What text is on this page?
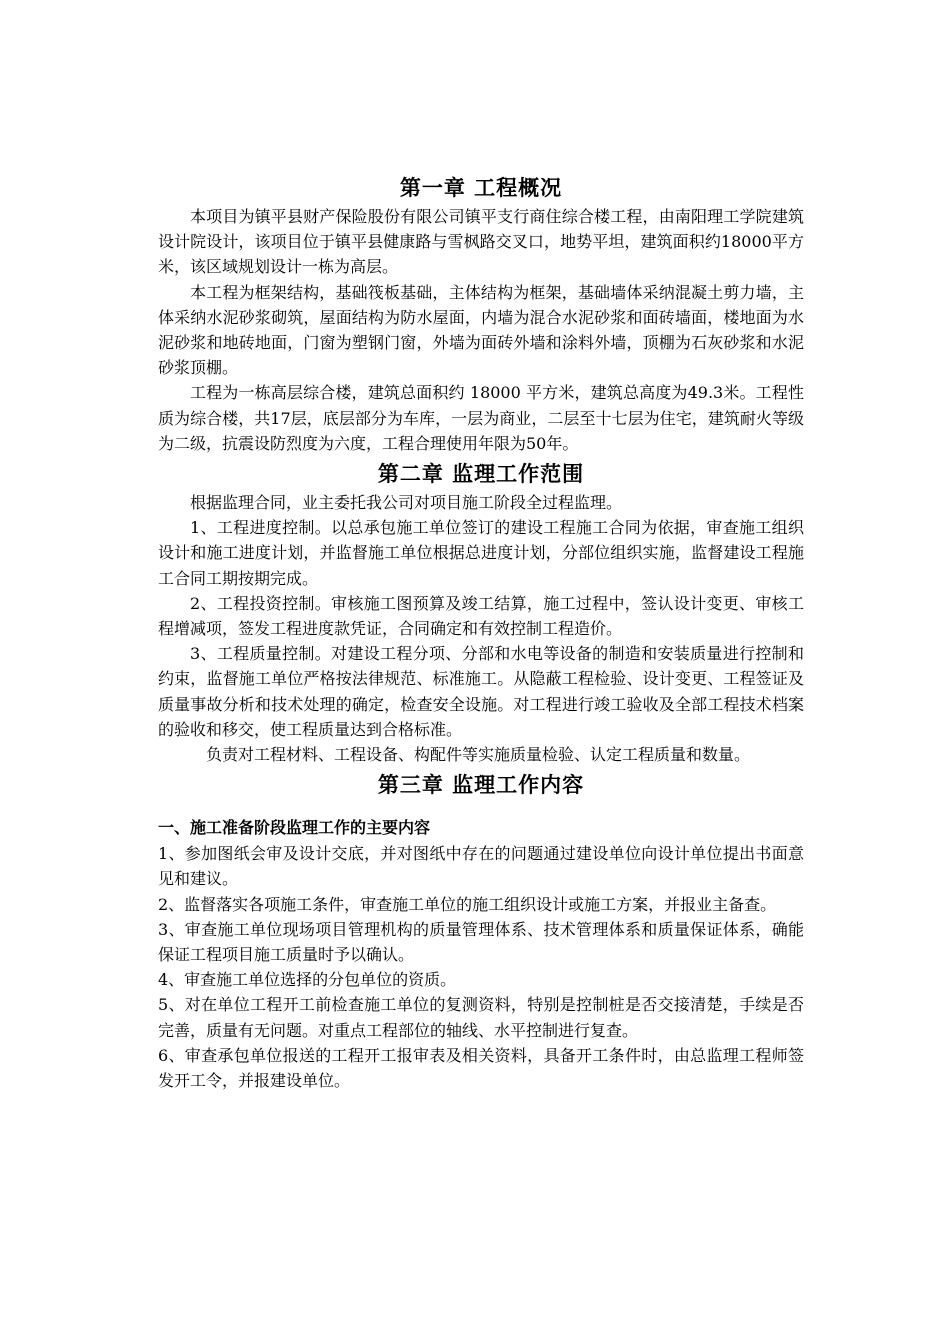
第一章 工程概况

本项目为镇平县财产保险股份有限公司镇平支行商住综合楼工程，由南阳理工学院建筑设计院设计，该项目位于镇平县健康路与雪枫路交叉口，地势平坦，建筑面积约18000平方米，该区域规划设计一栋为高层。

本工程为框架结构，基础筏板基础，主体结构为框架，基础墙体采纳混凝土剪力墙，主体采纳水泥砂浆砌筑，屋面结构为防水屋面，内墙为混合水泥砂浆和面砖墙面，楼地面为水泥砂浆和地砖地面，门窗为塑钢门窗，外墙为面砖外墙和涂料外墙，顶棚为石灰砂浆和水泥砂浆顶棚。

工程为一栋高层综合楼，建筑总面积约 18000 平方米，建筑总高度为49.3米。工程性质为综合楼，共17层，底层部分为车库，一层为商业，二层至十七层为住宅，建筑耐火等级为二级，抗震设防烈度为六度，工程合理使用年限为50年。

第二章 监理工作范围

根据监理合同，业主委托我公司对项目施工阶段全过程监理。

1、工程进度控制。以总承包施工单位签订的建设工程施工合同为依据，审查施工组织设计和施工进度计划，并监督施工单位根据总进度计划，分部位组织实施，监督建设工程施工合同工期按期完成。

2、工程投资控制。审核施工图预算及竣工结算，施工过程中，签认设计变更、审核工程增减项，签发工程进度款凭证，合同确定和有效控制工程造价。

3、工程质量控制。对建设工程分项、分部和水电等设备的制造和安装质量进行控制和约束，监督施工单位严格按法律规范、标准施工。从隐蔽工程检验、设计变更、工程签证及质量事故分析和技术处理的确定，检查安全设施。对工程进行竣工验收及全部工程技术档案的验收和移交，使工程质量达到合格标准。

负责对工程材料、工程设备、构配件等实施质量检验、认定工程质量和数量。

第三章 监理工作内容
一、施工准备阶段监理工作的主要内容

1、参加图纸会审及设计交底，并对图纸中存在的问题通过建设单位向设计单位提出书面意见和建议。

2、监督落实各项施工条件，审查施工单位的施工组织设计或施工方案，并报业主备查。

3、审查施工单位现场项目管理机构的质量管理体系、技术管理体系和质量保证体系，确能保证工程项目施工质量时予以确认。

4、审查施工单位选择的分包单位的资质。

5、对在单位工程开工前检查施工单位的复测资料，特别是控制桩是否交接清楚，手续是否完善，质量有无问题。对重点工程部位的轴线、水平控制进行复查。

6、审查承包单位报送的工程开工报审表及相关资料，具备开工条件时，由总监理工程师签发开工令，并报建设单位。
